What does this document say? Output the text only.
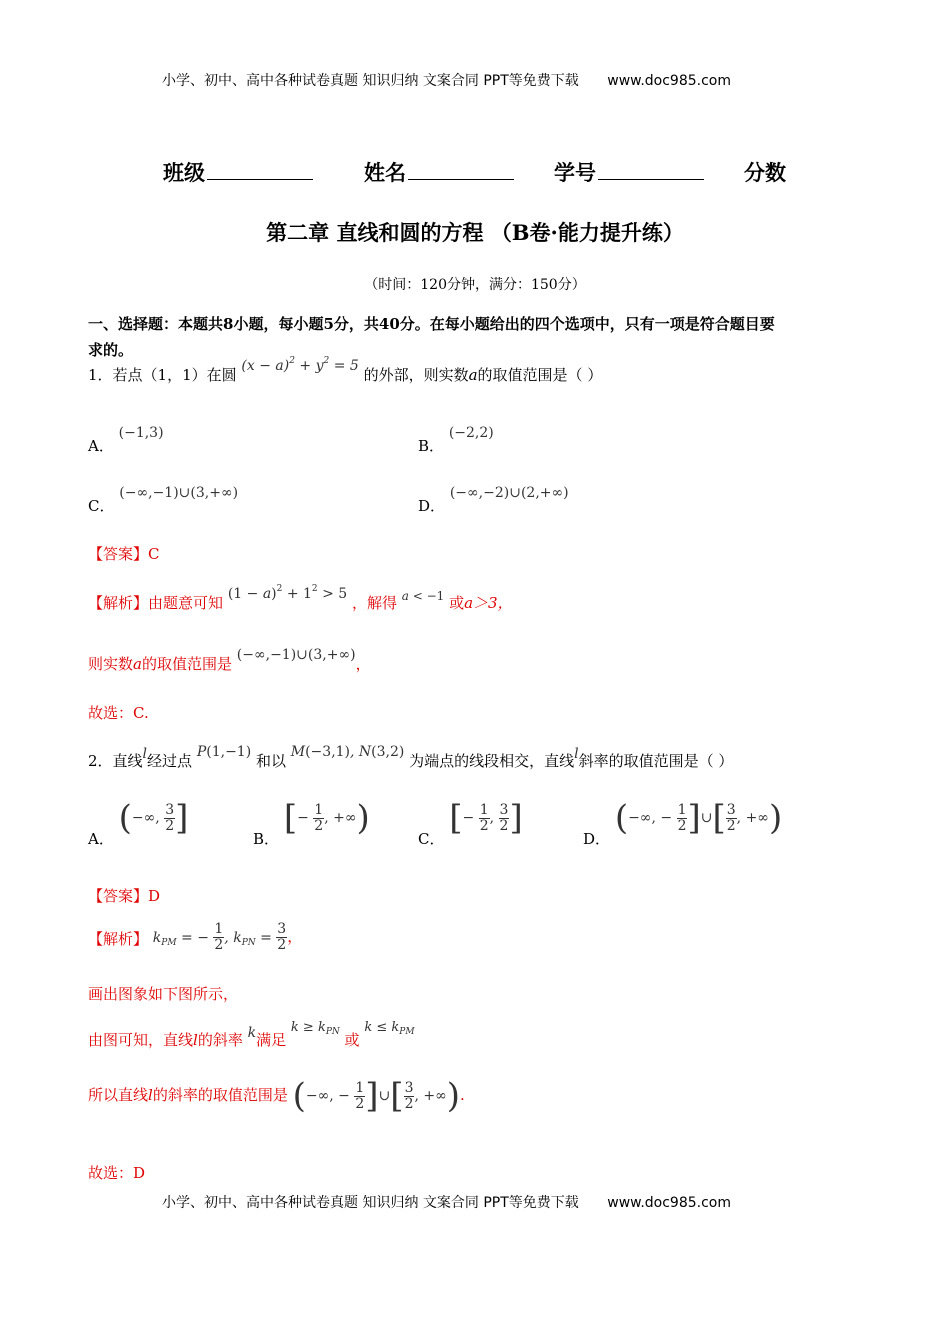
小学、初中、高中各种试卷真题 知识归纳 文案合同 PPT等免费下载 www.doc985.com
班级	姓名	学号	分数
第二章 直线和圆的方程 （B卷·能力提升练）
（时间：120分钟，满分：150分）
一、选择题：本题共8小题，每小题5分，共40分。在每小题给出的四个选项中，只有一项是符合题目要
求的。
1．若点（1，1）在圆 $(x - a)^2 + y^2 = 5$ 的外部，则实数a的取值范围是（ ）
A． (−1,3)
B． (−2,2)
C． (−∞,−1)∪(3,+∞)
D． (−∞,−2)∪(2,+∞)
【答案】C
【解析】由题意可知 $(1 - a)^2 + 1^2 > 5$ ，解得 $^{a < -1}$ 或a＞3，
则实数a的取值范围是 (−∞,−1)∪(3,+∞)，
故选：C.
2．直线l经过点 P(1,−1) 和以 M(−3,1), N(3,2) 为端点的线段相交，直线l斜率的取值范围是（ ）
A． (−∞, $\frac{3}{2}$ ]
B． [− $\frac{1}{2}$ , +∞)
C． [− $\frac{1}{2}$ , $\frac{3}{2}$ ]
D． (−∞, − $\frac{1}{2}$ ]∪[ $\frac{3}{2}$ , +∞)
【答案】D
【解析】 $k_{PM}$ = − $\frac{1}{2}$ , $k_{PN} = \frac{3}{2}$ ，
画出图象如下图所示，
由图可知，直线l的斜率 k满足 $k \ge k_{PN}$ 或 $k \le k_{PM}$
所以直线l的斜率的取值范围是 (−∞, − $\frac{1}{2}$ ]∪[ $\frac{3}{2}$ , +∞).
故选：D
小学、初中、高中各种试卷真题 知识归纳 文案合同 PPT等免费下载 www.doc985.com
